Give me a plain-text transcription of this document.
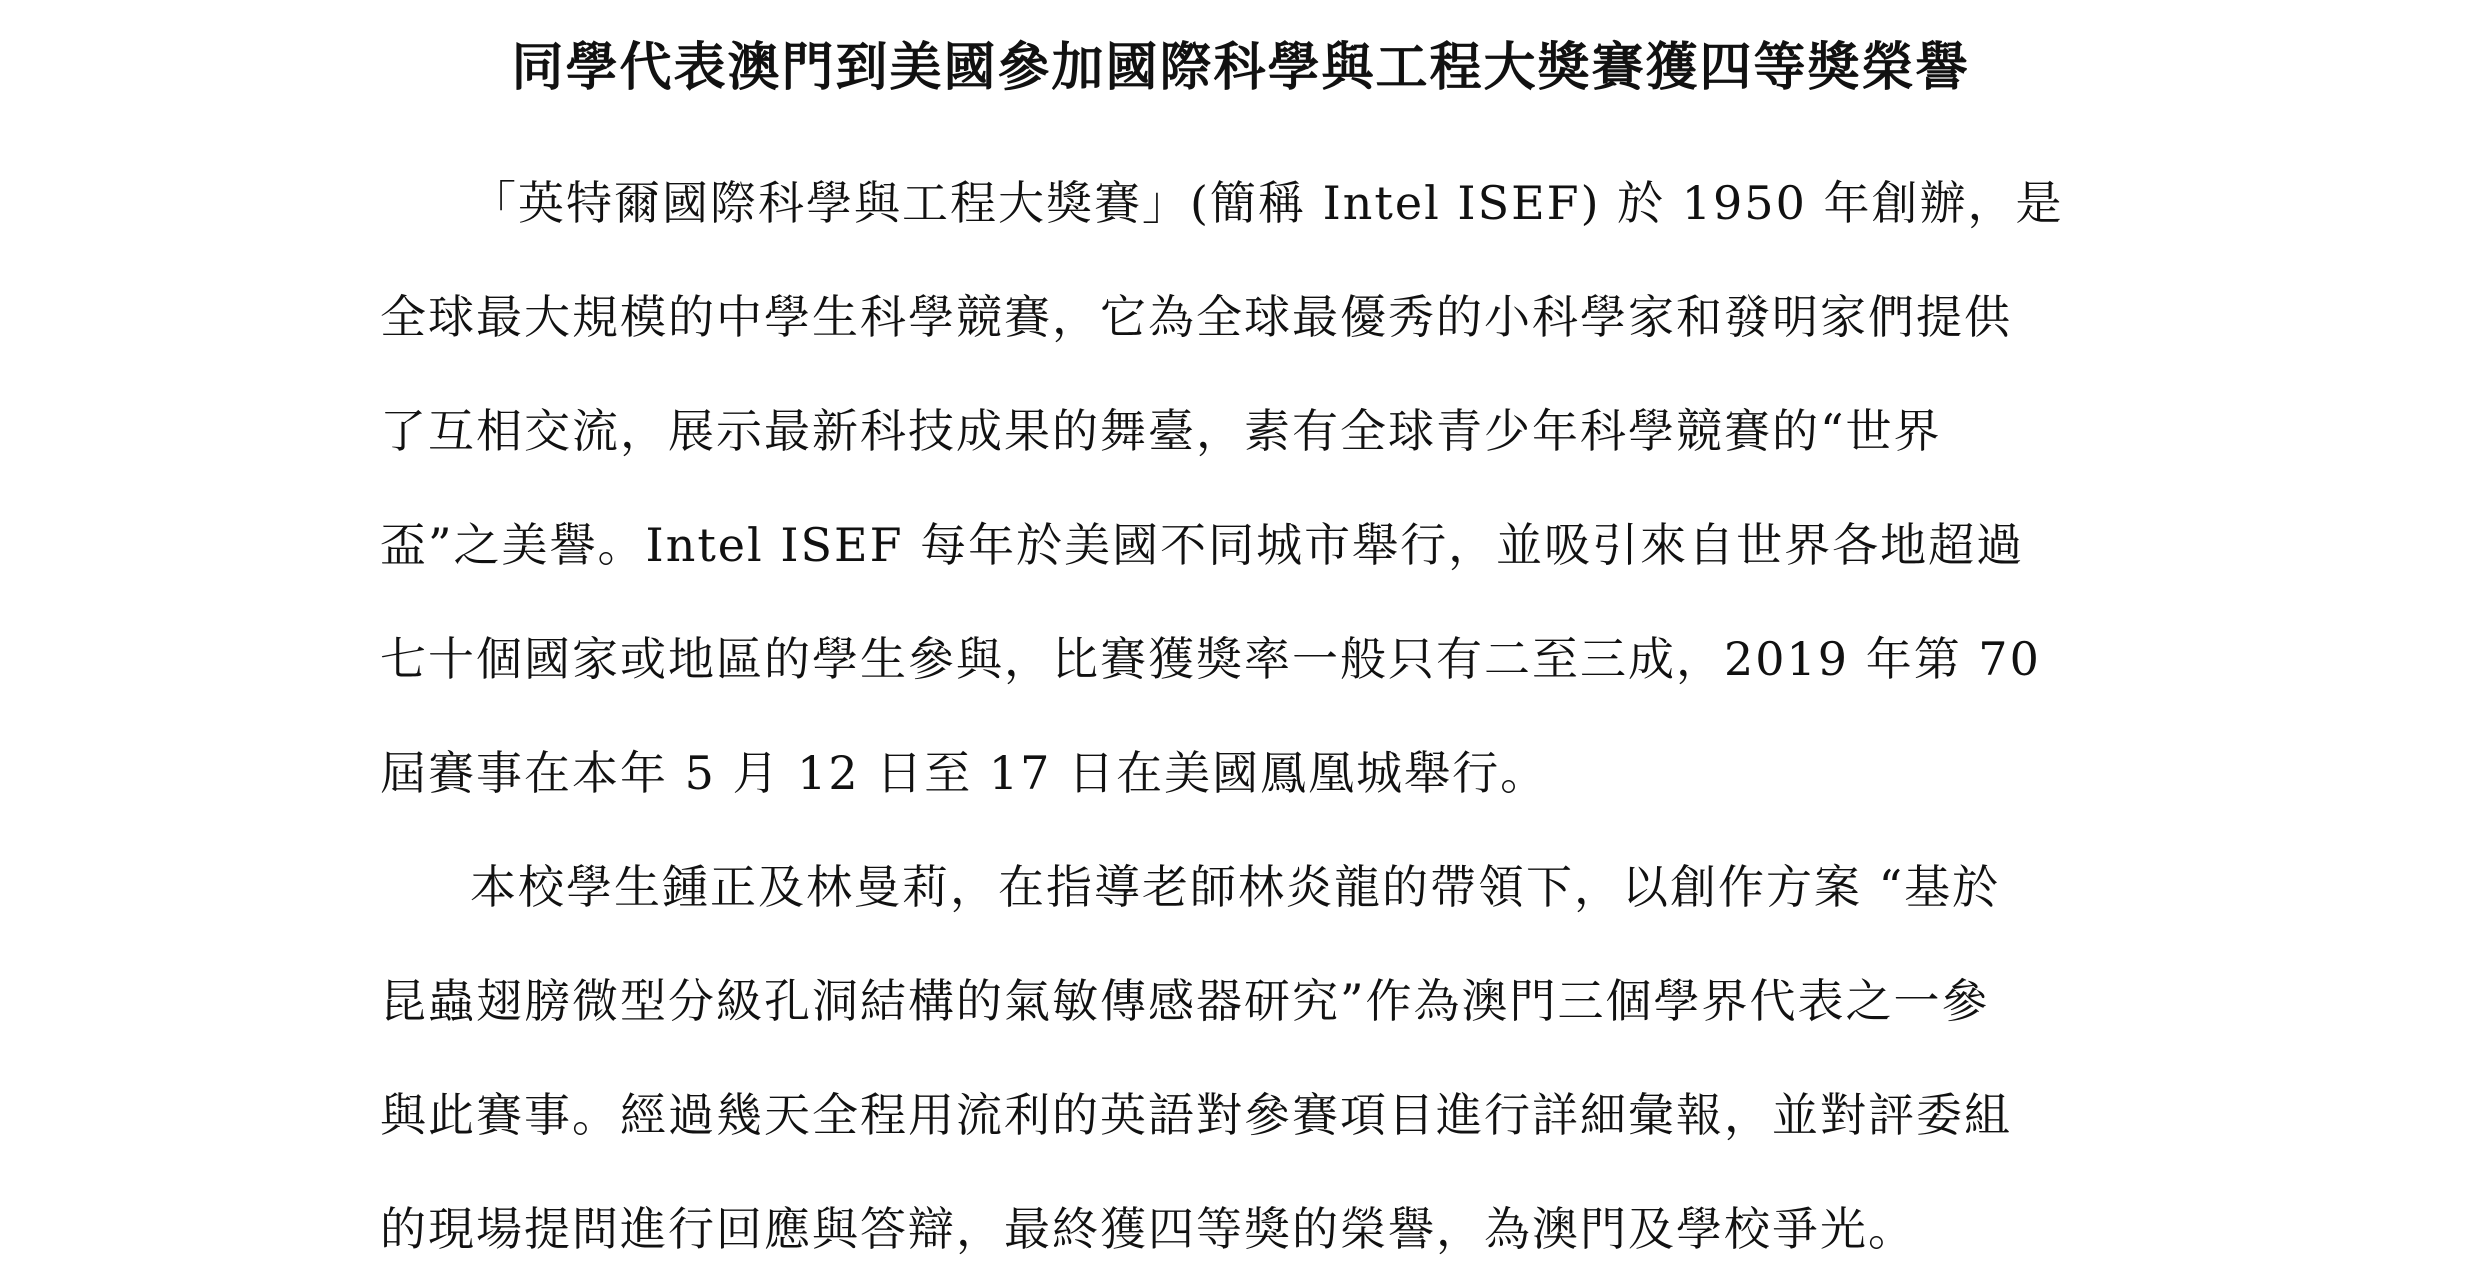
同學代表澳門到美國參加國際科學與工程大獎賽獲四等獎榮譽
「英特爾國際科學與工程大獎賽」(簡稱 Intel ISEF) 於 1950 年創辦，是
全球最大規模的中學生科學競賽，它為全球最優秀的小科學家和發明家們提供
了互相交流，展示最新科技成果的舞臺，素有全球青少年科學競賽的“世界
盃”之美譽。Intel ISEF 每年於美國不同城市舉行，並吸引來自世界各地超過
七十個國家或地區的學生參與，比賽獲獎率一般只有二至三成，2019 年第 70
屆賽事在本年 5 月 12 日至 17 日在美國鳳凰城舉行。
本校學生鍾正及林曼莉，在指導老師林炎龍的帶領下，以創作方案 “基於
昆蟲翅膀微型分級孔洞結構的氣敏傳感器研究”作為澳門三個學界代表之一參
與此賽事。經過幾天全程用流利的英語對參賽項目進行詳細彙報，並對評委組
的現場提問進行回應與答辯，最終獲四等獎的榮譽，為澳門及學校爭光。
